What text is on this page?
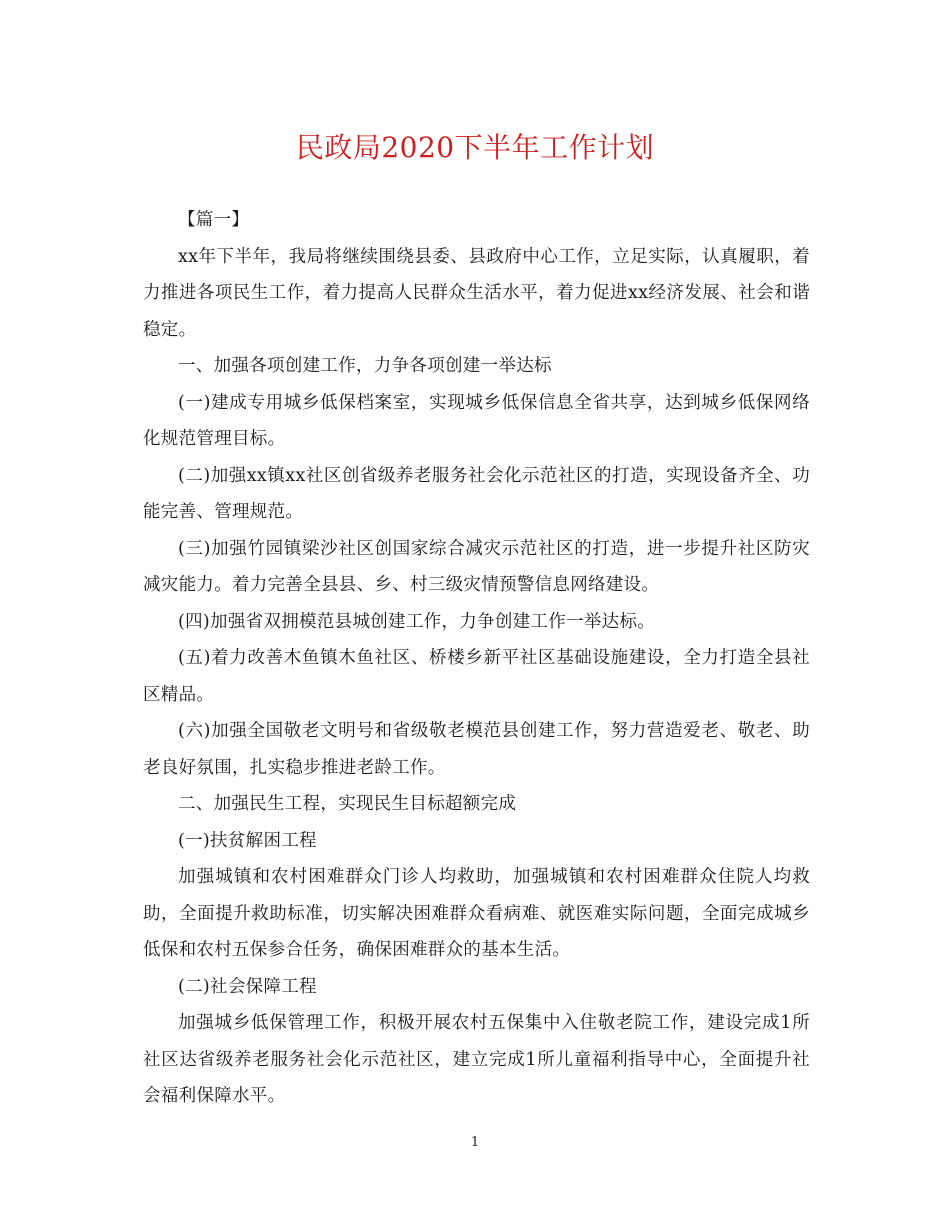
民政局2020下半年工作计划

【篇一】

xx年下半年，我局将继续围绕县委、县政府中心工作，立足实际，认真履职，着力推进各项民生工作，着力提高人民群众生活水平，着力促进xx经济发展、社会和谐稳定。

一、加强各项创建工作，力争各项创建一举达标

(一)建成专用城乡低保档案室，实现城乡低保信息全省共享，达到城乡低保网络化规范管理目标。

(二)加强xx镇xx社区创省级养老服务社会化示范社区的打造，实现设备齐全、功能完善、管理规范。

(三)加强竹园镇梁沙社区创国家综合减灾示范社区的打造，进一步提升社区防灾减灾能力。着力完善全县县、乡、村三级灾情预警信息网络建设。

(四)加强省双拥模范县城创建工作，力争创建工作一举达标。

(五)着力改善木鱼镇木鱼社区、桥楼乡新平社区基础设施建设，全力打造全县社区精品。

(六)加强全国敬老文明号和省级敬老模范县创建工作，努力营造爱老、敬老、助老良好氛围，扎实稳步推进老龄工作。

二、加强民生工程，实现民生目标超额完成

(一)扶贫解困工程

加强城镇和农村困难群众门诊人均救助，加强城镇和农村困难群众住院人均救助，全面提升救助标准，切实解决困难群众看病难、就医难实际问题，全面完成城乡低保和农村五保参合任务，确保困难群众的基本生活。

(二)社会保障工程

加强城乡低保管理工作，积极开展农村五保集中入住敬老院工作，建设完成1所社区达省级养老服务社会化示范社区，建立完成1所儿童福利指导中心，全面提升社会福利保障水平。

1
